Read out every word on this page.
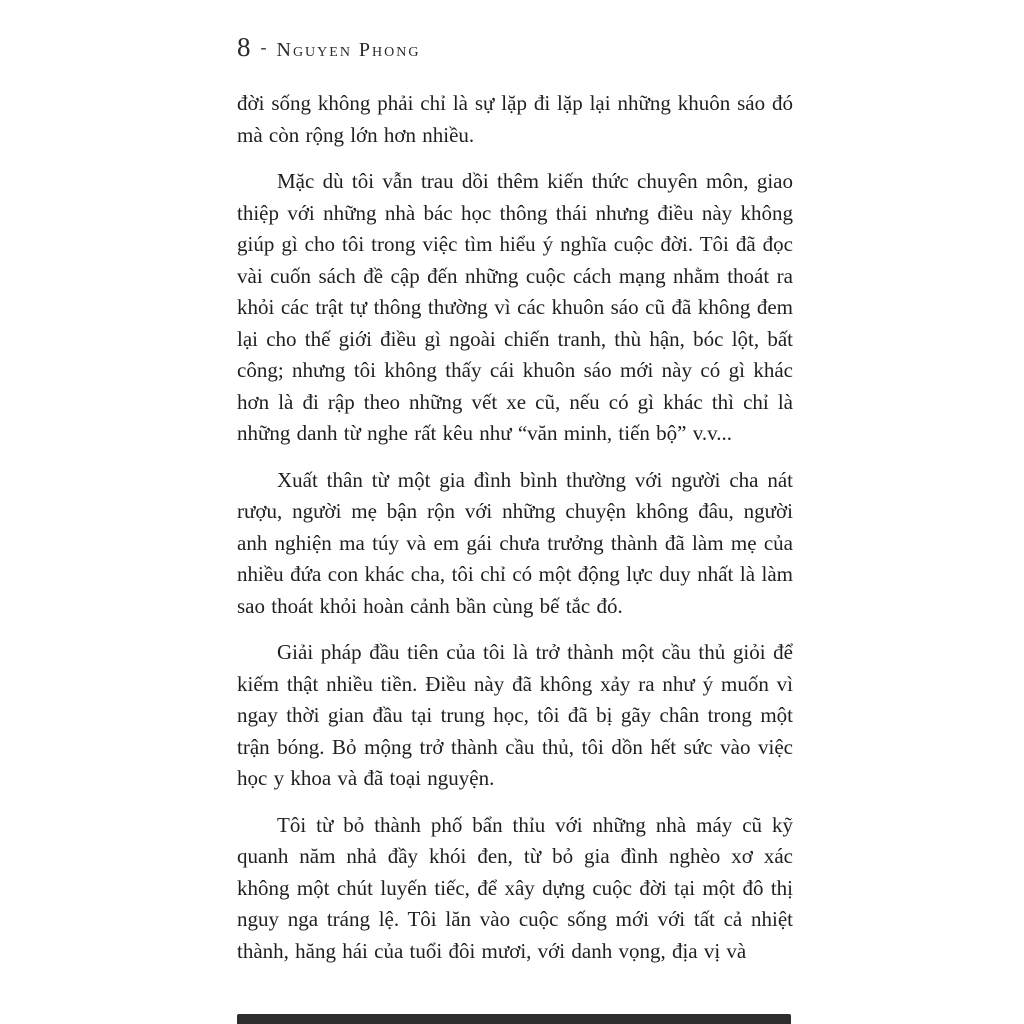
8 - Nguyen Phong

đời sống không phải chỉ là sự lặp đi lặp lại những khuôn sáo đó mà còn rộng lớn hơn nhiều.

Mặc dù tôi vẫn trau dồi thêm kiến thức chuyên môn, giao thiệp với những nhà bác học thông thái nhưng điều này không giúp gì cho tôi trong việc tìm hiểu ý nghĩa cuộc đời. Tôi đã đọc vài cuốn sách đề cập đến những cuộc cách mạng nhằm thoát ra khỏi các trật tự thông thường vì các khuôn sáo cũ đã không đem lại cho thế giới điều gì ngoài chiến tranh, thù hận, bóc lột, bất công; nhưng tôi không thấy cái khuôn sáo mới này có gì khác hơn là đi rập theo những vết xe cũ, nếu có gì khác thì chỉ là những danh từ nghe rất kêu như “văn minh, tiến bộ” v.v...

Xuất thân từ một gia đình bình thường với người cha nát rượu, người mẹ bận rộn với những chuyện không đâu, người anh nghiện ma túy và em gái chưa trưởng thành đã làm mẹ của nhiều đứa con khác cha, tôi chỉ có một động lực duy nhất là làm sao thoát khỏi hoàn cảnh bần cùng bế tắc đó.

Giải pháp đầu tiên của tôi là trở thành một cầu thủ giỏi để kiếm thật nhiều tiền. Điều này đã không xảy ra như ý muốn vì ngay thời gian đầu tại trung học, tôi đã bị gãy chân trong một trận bóng. Bỏ mộng trở thành cầu thủ, tôi dồn hết sức vào việc học y khoa và đã toại nguyện.

Tôi từ bỏ thành phố bẩn thỉu với những nhà máy cũ kỹ quanh năm nhả đầy khói đen, từ bỏ gia đình nghèo xơ xác không một chút luyến tiếc, để xây dựng cuộc đời tại một đô thị nguy nga tráng lệ. Tôi lăn vào cuộc sống mới với tất cả nhiệt thành, hăng hái của tuổi đôi mươi, với danh vọng, địa vị và
